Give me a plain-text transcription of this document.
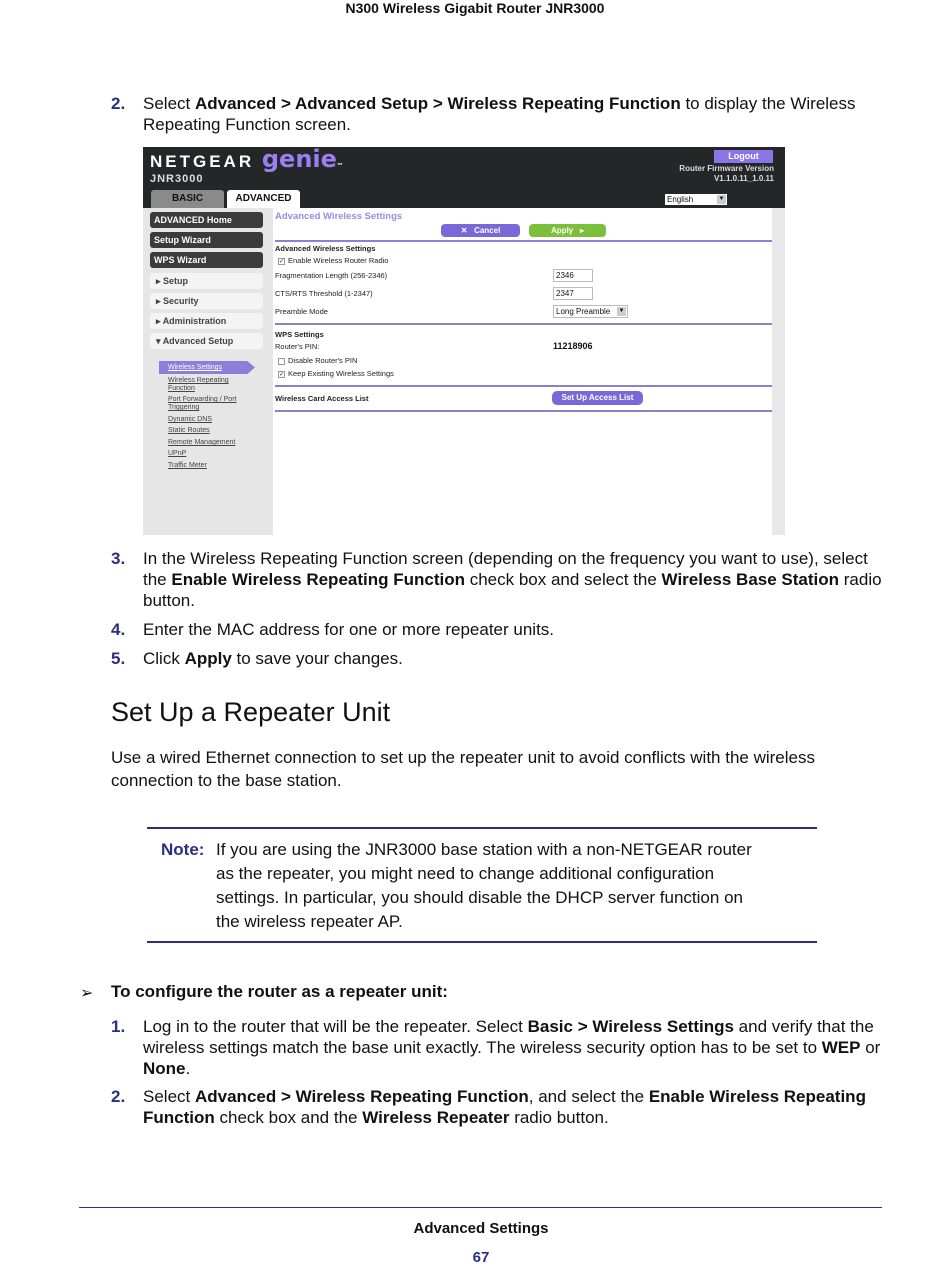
N300 Wireless Gigabit Router JNR3000
2. Select Advanced > Advanced Setup > Wireless Repeating Function to display the Wireless Repeating Function screen.
NETGEAR genie™
JNR3000
BASIC	ADVANCED
Logout
Router Firmware Version
V1.1.0.11_1.0.11
English	▼
ADVANCED Home
Setup Wizard
WPS Wizard
▸ Setup
▸ Security
▸ Administration
▾ Advanced Setup
Wireless Settings
Wireless Repeating Function
Port Forwarding / Port Triggering
Dynamic DNS
Static Routes
Remote Management
UPnP
Traffic Meter
Advanced Wireless Settings
✕ Cancel	Apply ▸
Advanced Wireless Settings
✓ Enable Wireless Router Radio
Fragmentation Length (256-2346)	2346
CTS/RTS Threshold (1-2347)	2347
Preamble Mode	Long Preamble ▼
WPS Settings
Router's PIN:	11218906
Disable Router's PIN
✓ Keep Existing Wireless Settings
Wireless Card Access List	Set Up Access List
3. In the Wireless Repeating Function screen (depending on the frequency you want to use), select the Enable Wireless Repeating Function check box and select the Wireless Base Station radio button.
4. Enter the MAC address for one or more repeater units.
5. Click Apply to save your changes.
Set Up a Repeater Unit
Use a wired Ethernet connection to set up the repeater unit to avoid conflicts with the wireless connection to the base station.
Note: If you are using the JNR3000 base station with a non-NETGEAR router as the repeater, you might need to change additional configuration settings. In particular, you should disable the DHCP server function on the wireless repeater AP.
➢ To configure the router as a repeater unit:
1. Log in to the router that will be the repeater. Select Basic > Wireless Settings and verify that the wireless settings match the base unit exactly. The wireless security option has to be set to WEP or None.
2. Select Advanced > Wireless Repeating Function, and select the Enable Wireless Repeating Function check box and the Wireless Repeater radio button.
Advanced Settings
67
